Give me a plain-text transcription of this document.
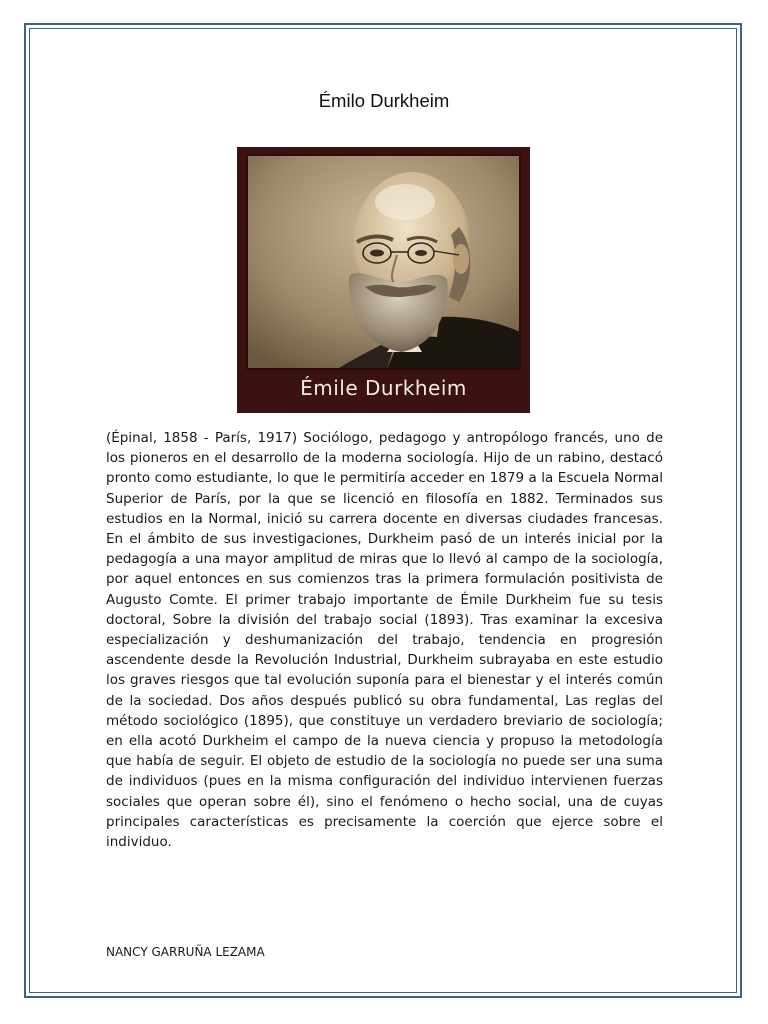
Émilo Durkheim
Émile Durkheim

(Épinal, 1858 - París, 1917) Sociólogo, pedagogo y antropólogo francés, uno de los pioneros en el desarrollo de la moderna sociología. Hijo de un rabino, destacó pronto como estudiante, lo que le permitiría acceder en 1879 a la Escuela Normal Superior de París, por la que se licenció en filosofía en 1882. Terminados sus estudios en la Normal, inició su carrera docente en diversas ciudades francesas. En el ámbito de sus investigaciones, Durkheim pasó de un interés inicial por la pedagogía a una mayor amplitud de miras que lo llevó al campo de la sociología, por aquel entonces en sus comienzos tras la primera formulación positivista de Augusto Comte. El primer trabajo importante de Émile Durkheim fue su tesis doctoral, Sobre la división del trabajo social (1893). Tras examinar la excesiva especialización y deshumanización del trabajo, tendencia en progresión ascendente desde la Revolución Industrial, Durkheim subrayaba en este estudio los graves riesgos que tal evolución suponía para el bienestar y el interés común de la sociedad. Dos años después publicó su obra fundamental, Las reglas del método sociológico (1895), que constituye un verdadero breviario de sociología; en ella acotó Durkheim el campo de la nueva ciencia y propuso la metodología que había de seguir. El objeto de estudio de la sociología no puede ser una suma de individuos (pues en la misma configuración del individuo intervienen fuerzas sociales que operan sobre él), sino el fenómeno o hecho social, una de cuyas principales características es precisamente la coerción que ejerce sobre el individuo.

NANCY GARRUÑA LEZAMA
